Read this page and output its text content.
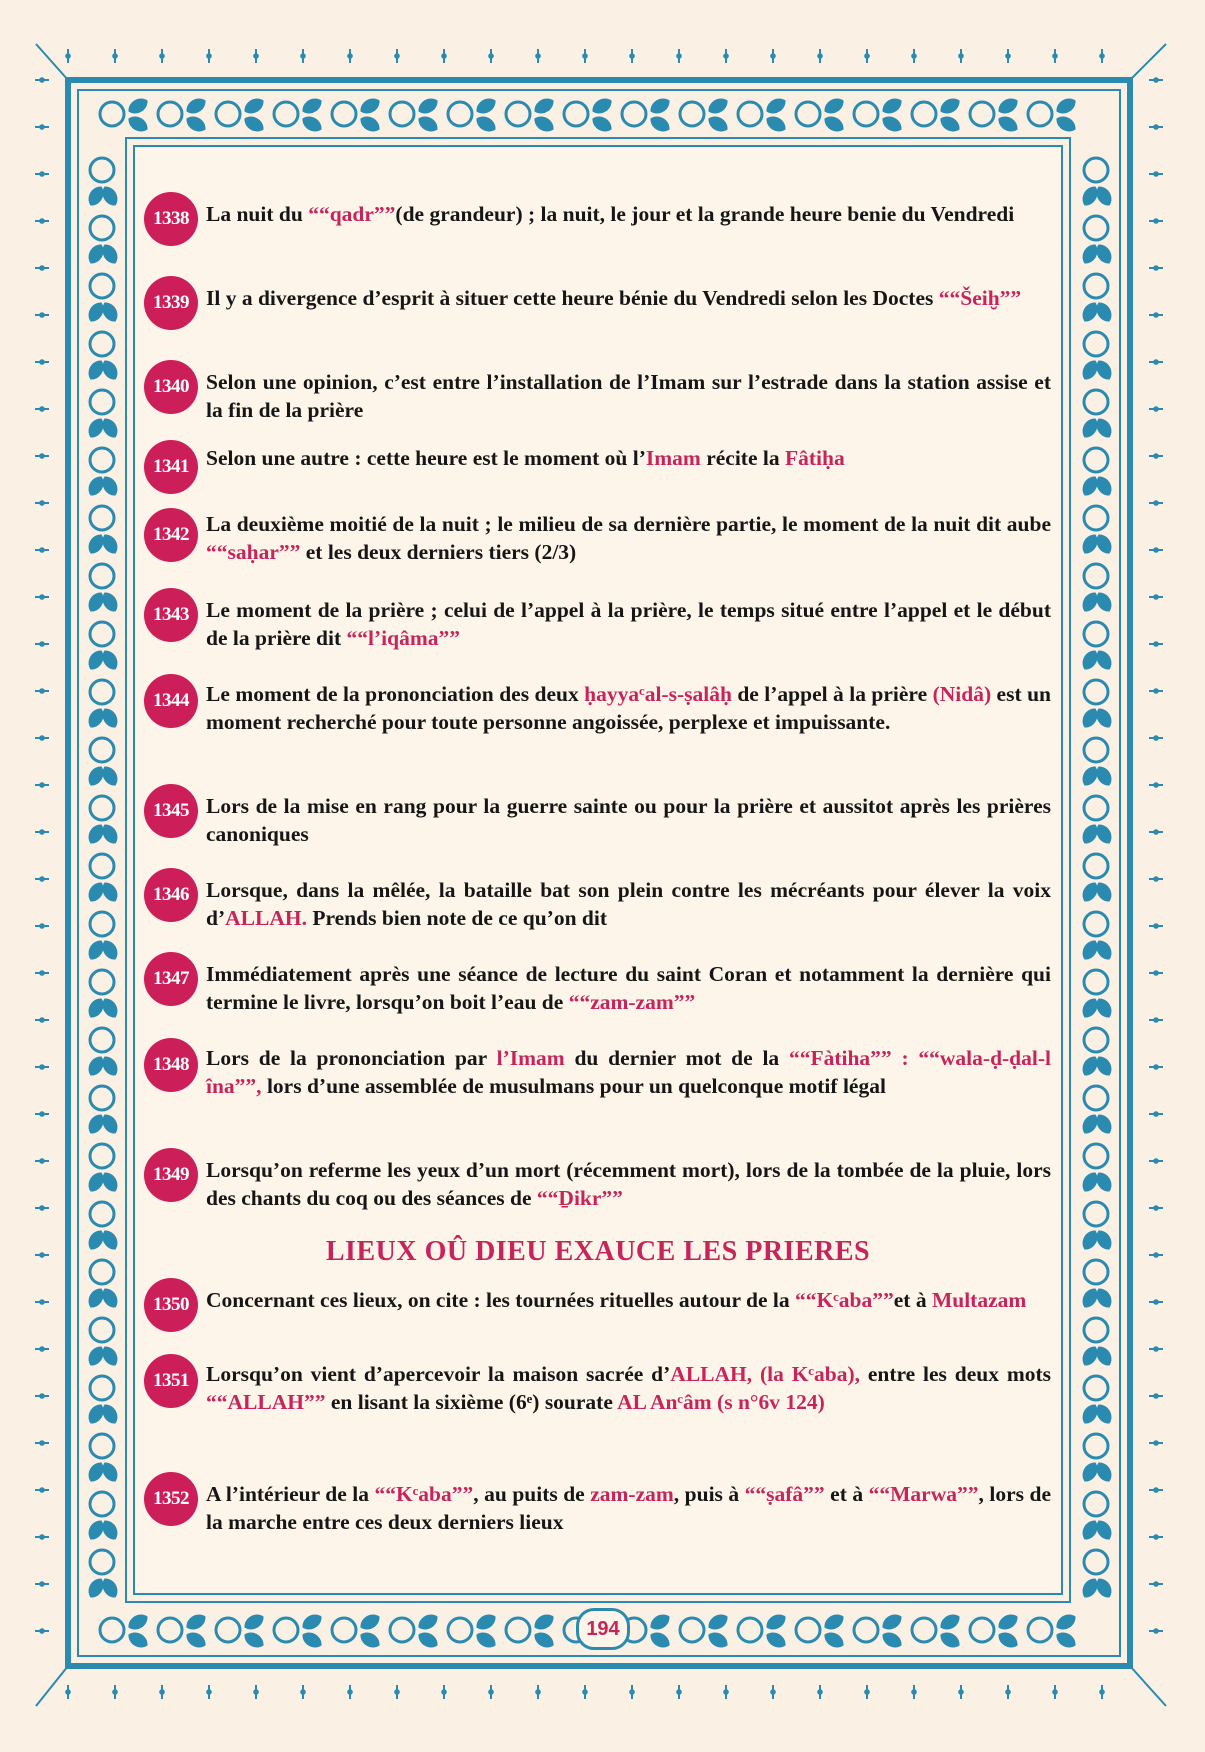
1338 La nuit du ““qadr””(de grandeur) ; la nuit, le jour et la grande heure benie du Vendredi
1339 Il y a divergence d’esprit à situer cette heure bénie du Vendredi selon les Doctes ““Šeiḫ””
1340 Selon une opinion, c’est entre l’installation de l’Imam sur l’estrade dans la station assise et la fin de la prière
1341 Selon une autre : cette heure est le moment où l’Imam récite la Fâtiḥa
1342 La deuxième moitié de la nuit ; le milieu de sa dernière partie, le moment de la nuit dit aube ““saḥar”” et les deux derniers tiers (2/3)
1343 Le moment de la prière ; celui de l’appel à la prière, le temps situé entre l’appel et le début de la prière dit ““l’iqâma””
1344 Le moment de la prononciation des deux ḥayyaᶜal-s-ṣalâḥ de l’appel à la prière (Nidâ) est un moment recherché pour toute personne angoissée, perplexe et impuissante.
1345 Lors de la mise en rang pour la guerre sainte ou pour la prière et aussitot après les prières canoniques
1346 Lorsque, dans la mêlée, la bataille bat son plein contre les mécréants pour élever la voix d’ALLAH. Prends bien note de ce qu’on dit
1347 Immédiatement après une séance de lecture du saint Coran et notamment la dernière qui termine le livre, lorsqu’on boit l’eau de ““zam-zam””
1348 Lors de la prononciation par l’Imam du dernier mot de la ““Fàtiha”” : ““wala-ḍ-ḍal-l îna””, lors d’une assemblée de musulmans pour un quelconque motif légal
1349 Lorsqu’on referme les yeux d’un mort (récemment mort), lors de la tombée de la pluie, lors des chants du coq ou des séances de ““Ḏikr””
LIEUX OÛ DIEU EXAUCE LES PRIERES
1350 Concernant ces lieux, on cite : les tournées rituelles autour de la ““Kᶜaba””et à Multazam
1351 Lorsqu’on vient d’apercevoir la maison sacrée d’ALLAH, (la Kᶜaba), entre les deux mots ““ALLAH”” en lisant la sixième (6ᵉ) sourate AL Anᶜâm (s n°6v 124)
1352 A l’intérieur de la ““Kᶜaba””, au puits de zam-zam, puis à ““ṣafâ”” et à ““Marwa””, lors de la marche entre ces deux derniers lieux
194
